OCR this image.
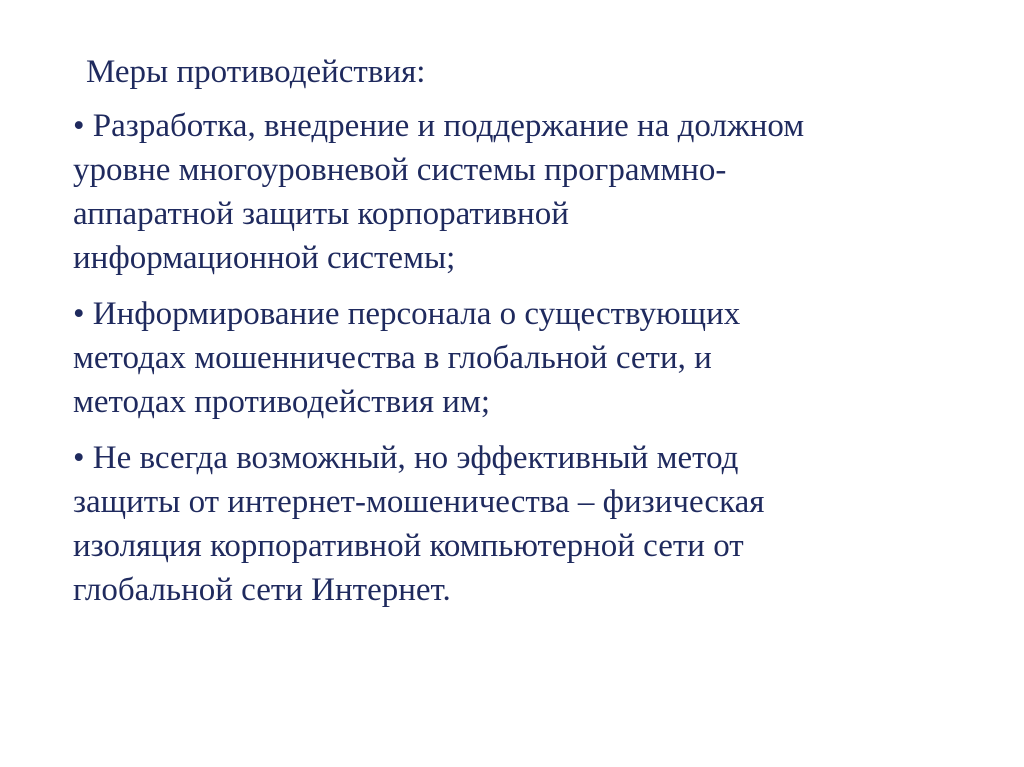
Меры противодействия:
• Разработка, внедрение и поддержание на должном
уровне многоуровневой системы программно-
аппаратной защиты корпоративной
информационной системы;
• Информирование персонала о существующих
методах мошенничества в глобальной сети, и
методах противодействия им;
• Не всегда возможный, но эффективный метод
защиты от интернет-мошеничества – физическая
изоляция корпоративной компьютерной сети от
глобальной сети Интернет.
